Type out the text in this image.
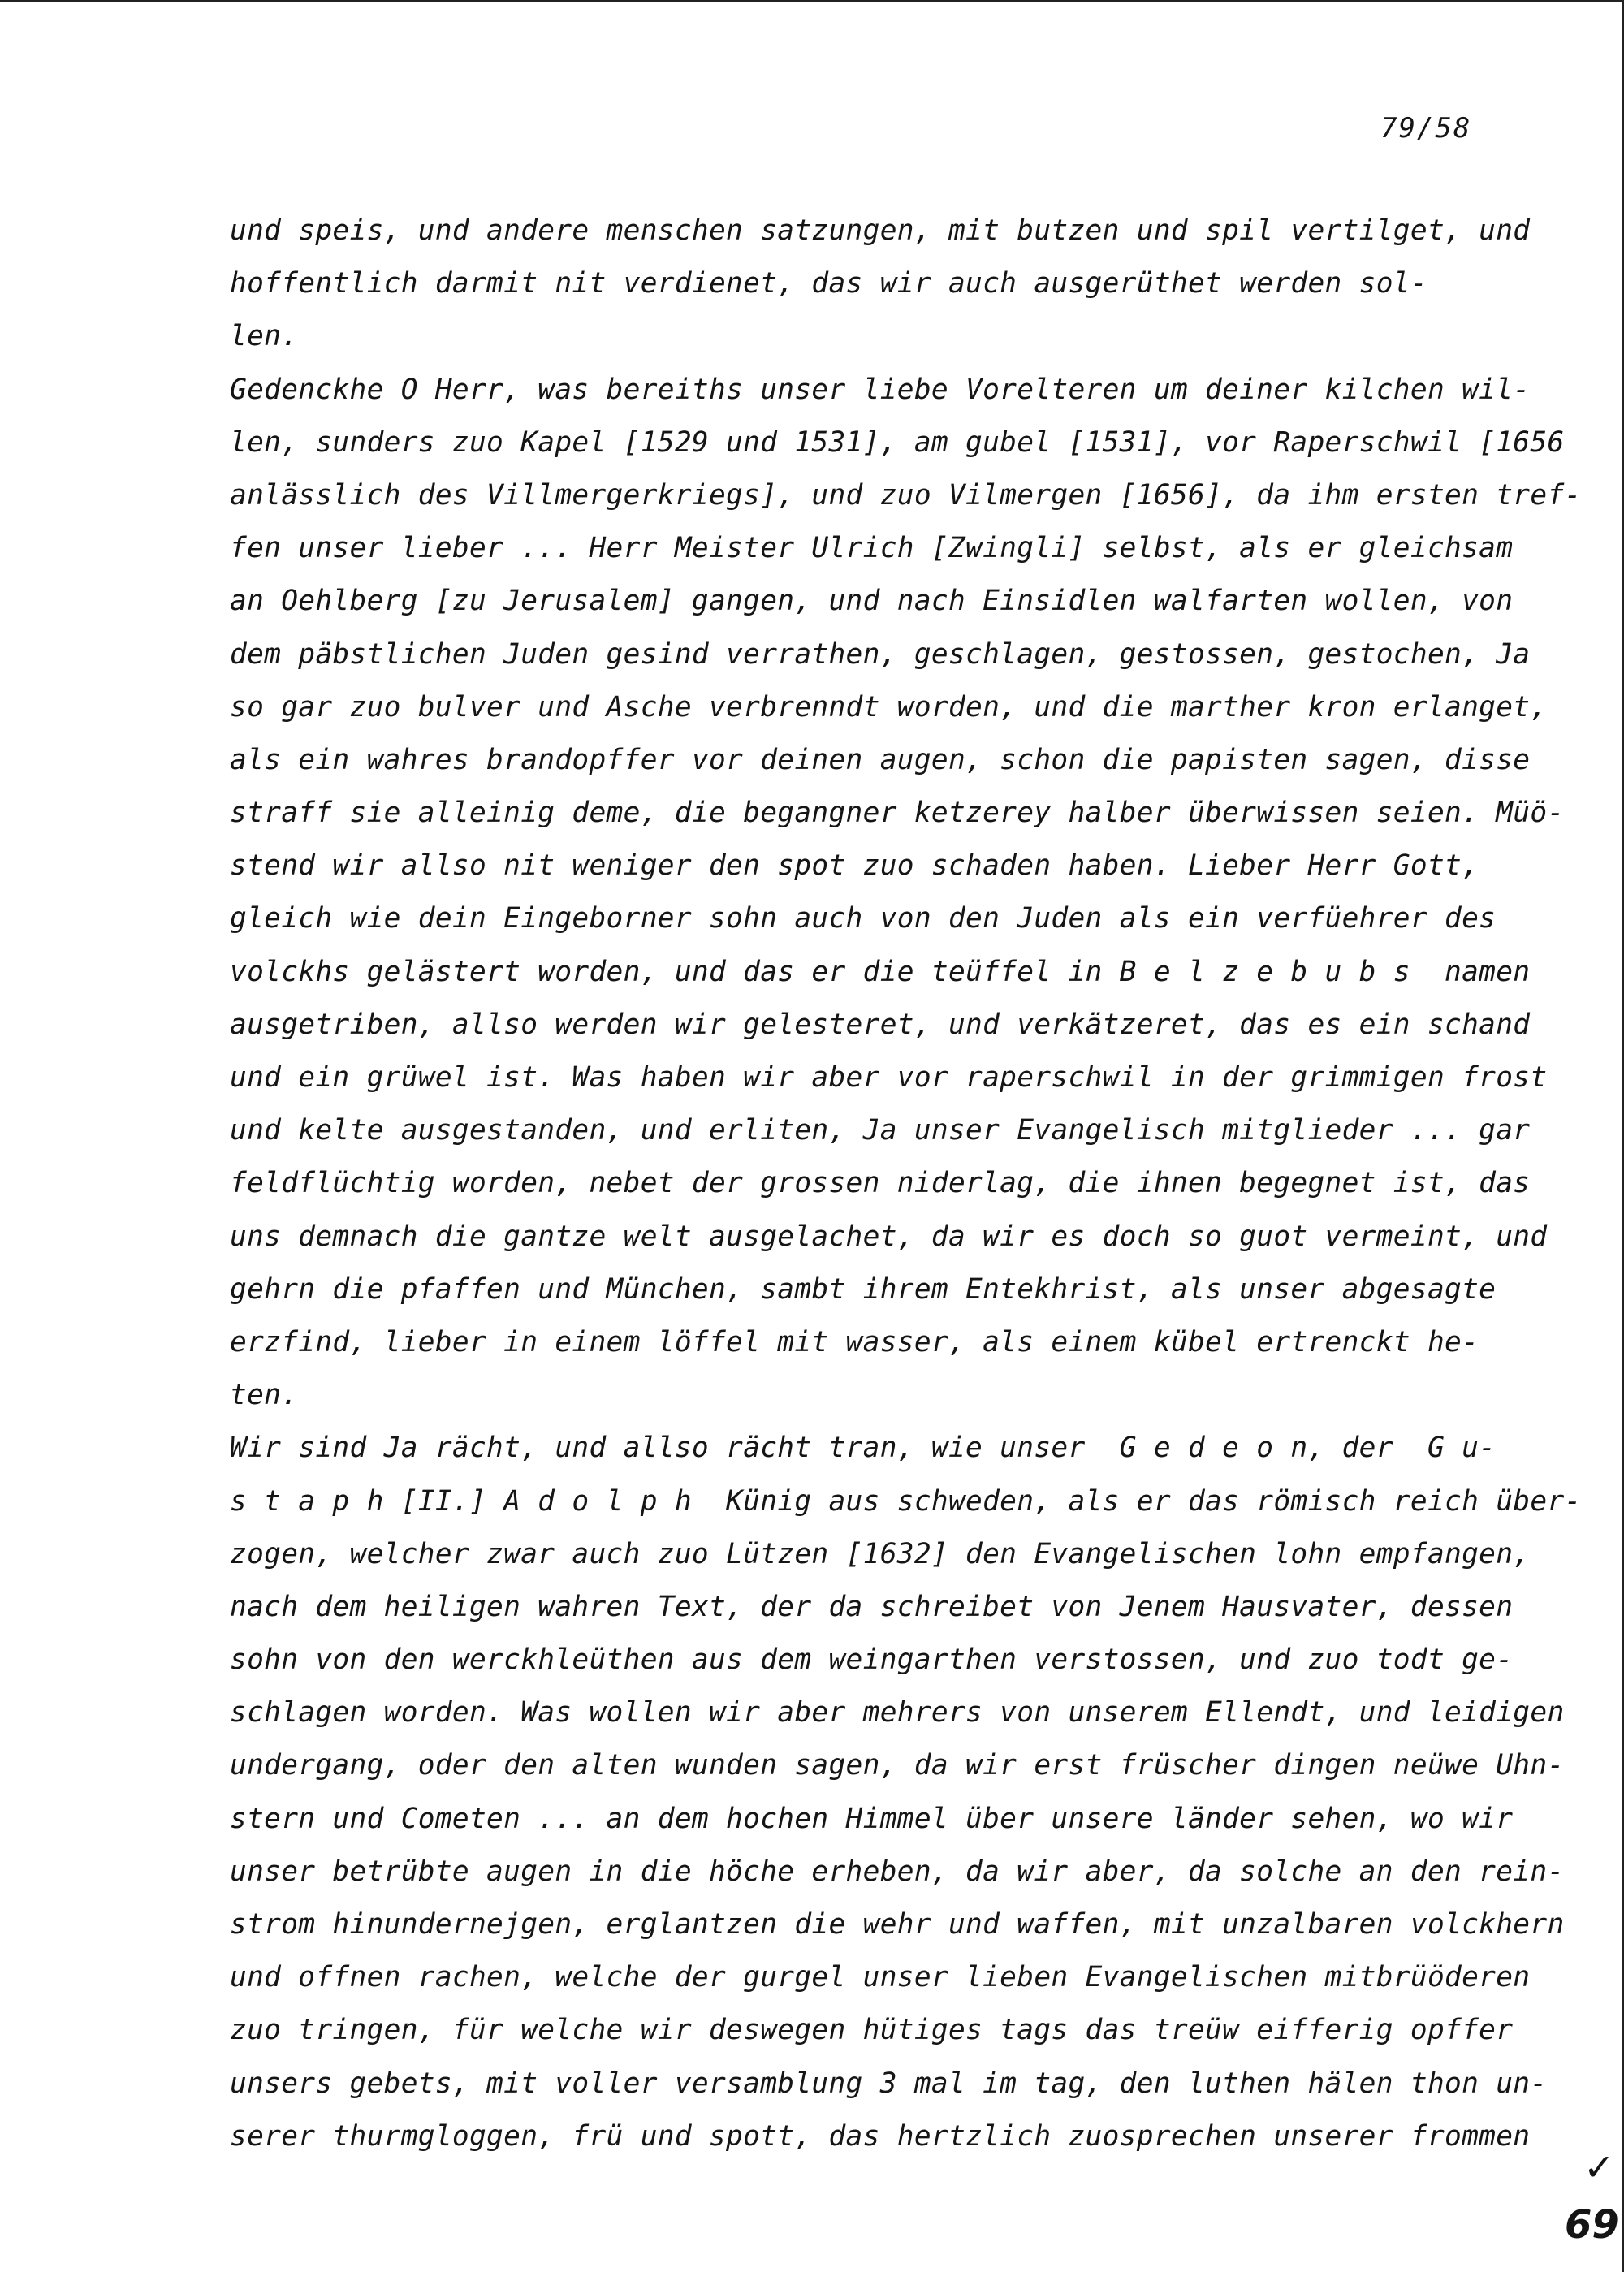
79/58
und speis, und andere menschen satzungen, mit butzen und spil vertilget, und
hoffentlich darmit nit verdienet, das wir auch ausgerüthet werden sol-
len.
Gedenckhe O Herr, was bereiths unser liebe Vorelteren um deiner kilchen wil-
len, sunders zuo Kapel [1529 und 1531], am gubel [1531], vor Raperschwil [1656
anlässlich des Villmergerkriegs], und zuo Vilmergen [1656], da ihm ersten tref-
fen unser lieber ... Herr Meister Ulrich [Zwingli] selbst, als er gleichsam
an Oehlberg [zu Jerusalem] gangen, und nach Einsidlen walfarten wollen, von
dem päbstlichen Juden gesind verrathen, geschlagen, gestossen, gestochen, Ja
so gar zuo bulver und Asche verbrenndt worden, und die marther kron erlanget,
als ein wahres brandopffer vor deinen augen, schon die papisten sagen, disse
straff sie alleinig deme, die begangner ketzerey halber überwissen seien. Müö-
stend wir allso nit weniger den spot zuo schaden haben. Lieber Herr Gott,
gleich wie dein Eingeborner sohn auch von den Juden als ein verfüehrer des
volckhs gelästert worden, und das er die teüffel in B e l z e b u b s  namen
ausgetriben, allso werden wir gelesteret, und verkätzeret, das es ein schand
und ein grüwel ist. Was haben wir aber vor raperschwil in der grimmigen frost
und kelte ausgestanden, und erliten, Ja unser Evangelisch mitglieder ... gar
feldflüchtig worden, nebet der grossen niderlag, die ihnen begegnet ist, das
uns demnach die gantze welt ausgelachet, da wir es doch so guot vermeint, und
gehrn die pfaffen und München, sambt ihrem Entekhrist, als unser abgesagte
erzfind, lieber in einem löffel mit wasser, als einem kübel ertrenckt he-
ten.
Wir sind Ja rächt, und allso rächt tran, wie unser  G e d e o n, der  G u-
s t a p h [II.] A d o l p h  Künig aus schweden, als er das römisch reich über-
zogen, welcher zwar auch zuo Lützen [1632] den Evangelischen lohn empfangen,
nach dem heiligen wahren Text, der da schreibet von Jenem Hausvater, dessen
sohn von den werckhleüthen aus dem weingarthen verstossen, und zuo todt ge-
schlagen worden. Was wollen wir aber mehrers von unserem Ellendt, und leidigen
undergang, oder den alten wunden sagen, da wir erst früscher dingen neüwe Uhn-
stern und Cometen ... an dem hochen Himmel über unsere länder sehen, wo wir
unser betrübte augen in die höche erheben, da wir aber, da solche an den rein-
strom hinundernejgen, erglantzen die wehr und waffen, mit unzalbaren volckhern
und offnen rachen, welche der gurgel unser lieben Evangelischen mitbrüöderen
zuo tringen, für welche wir deswegen hütiges tags das treüw eifferig opffer
unsers gebets, mit voller versamblung 3 mal im tag, den luthen hälen thon un-
serer thurmgloggen, frü und spott, das hertzlich zuosprechen unserer frommen
✓
69
